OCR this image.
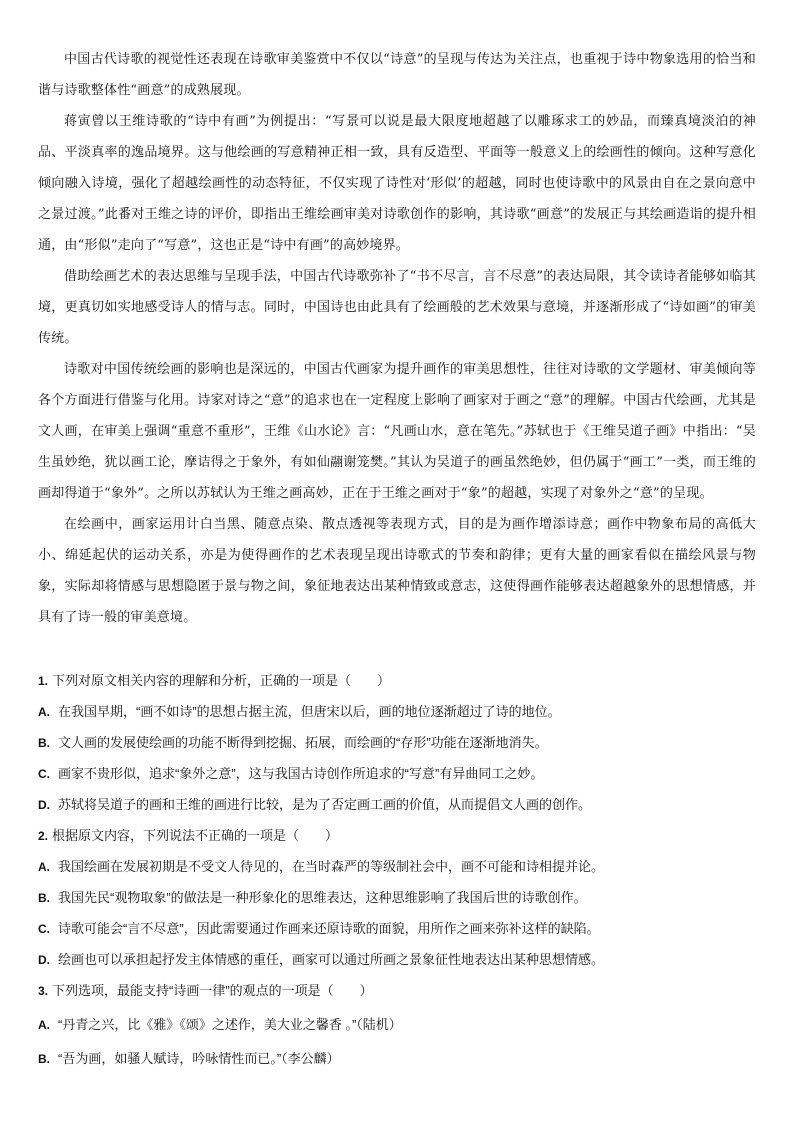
中国古代诗歌的视觉性还表现在诗歌审美鉴赏中不仅以“诗意”的呈现与传达为关注点，也重视于诗中物象选用的恰当和谐与诗歌整体性“画意”的成熟展现。

蒋寅曾以王维诗歌的“诗中有画”为例提出：“写景可以说是最大限度地超越了以雕琢求工的妙品，而臻真境淡泊的神品、平淡真率的逸品境界。这与他绘画的写意精神正相一致，具有反造型、平面等一般意义上的绘画性的倾向。这种写意化倾向融入诗境，强化了超越绘画性的动态特征，不仅实现了诗性对‘形似’的超越，同时也使诗歌中的风景由自在之景向意中之景过渡。”此番对王维之诗的评价，即指出王维绘画审美对诗歌创作的影响，其诗歌“画意”的发展正与其绘画造诣的提升相通，由“形似”走向了“写意”，这也正是“诗中有画”的高妙境界。

借助绘画艺术的表达思维与呈现手法，中国古代诗歌弥补了“书不尽言，言不尽意”的表达局限，其令读诗者能够如临其境，更真切如实地感受诗人的情与志。同时，中国诗也由此具有了绘画般的艺术效果与意境，并逐渐形成了“诗如画”的审美传统。

诗歌对中国传统绘画的影响也是深远的，中国古代画家为提升画作的审美思想性，往往对诗歌的文学题材、审美倾向等各个方面进行借鉴与化用。诗家对诗之“意”的追求也在一定程度上影响了画家对于画之“意”的理解。中国古代绘画，尤其是文人画，在审美上强调“重意不重形”，王维《山水论》言：“凡画山水，意在笔先。”苏轼也于《王维吴道子画》中指出：“吴生虽妙绝，犹以画工论，摩诘得之于象外，有如仙翮谢笼樊。”其认为吴道子的画虽然绝妙，但仍属于“画工”一类，而王维的画却得道于“象外”。之所以苏轼认为王维之画高妙，正在于王维之画对于“象”的超越，实现了对象外之“意”的呈现。

在绘画中，画家运用计白当黑、随意点染、散点透视等表现方式，目的是为画作增添诗意；画作中物象布局的高低大小、绵延起伏的运动关系，亦是为使得画作的艺术表现呈现出诗歌式的节奏和韵律；更有大量的画家看似在描绘风景与物象，实际却将情感与思想隐匿于景与物之间，象征地表达出某种情致或意志，这使得画作能够表达超越象外的思想情感，并具有了诗一般的审美意境。

1. 下列对原文相关内容的理解和分析，正确的一项是（　　）

A. 在我国早期，“画不如诗”的思想占据主流，但唐宋以后，画的地位逐渐超过了诗的地位。

B. 文人画的发展使绘画的功能不断得到挖掘、拓展，而绘画的“存形”功能在逐渐地消失。

C. 画家不贵形似，追求“象外之意”，这与我国古诗创作所追求的“写意”有异曲同工之妙。

D. 苏轼将吴道子的画和王维的画进行比较，是为了否定画工画的价值，从而提倡文人画的创作。

2. 根据原文内容，下列说法不正确的一项是（　　）

A. 我国绘画在发展初期是不受文人待见的，在当时森严的等级制社会中，画不可能和诗相提并论。

B. 我国先民“观物取象”的做法是一种形象化的思维表达，这种思维影响了我国后世的诗歌创作。

C. 诗歌可能会“言不尽意”，因此需要通过作画来还原诗歌的面貌，用所作之画来弥补这样的缺陷。

D. 绘画也可以承担起抒发主体情感的重任，画家可以通过所画之景象征性地表达出某种思想情感。

3. 下列选项，最能支持“诗画一律”的观点的一项是（　　）

A. “丹青之兴，比《雅》《颂》之述作，美大业之馨香 。”（陆机）

B. “吾为画，如骚人赋诗，吟咏情性而已。”（李公麟）
